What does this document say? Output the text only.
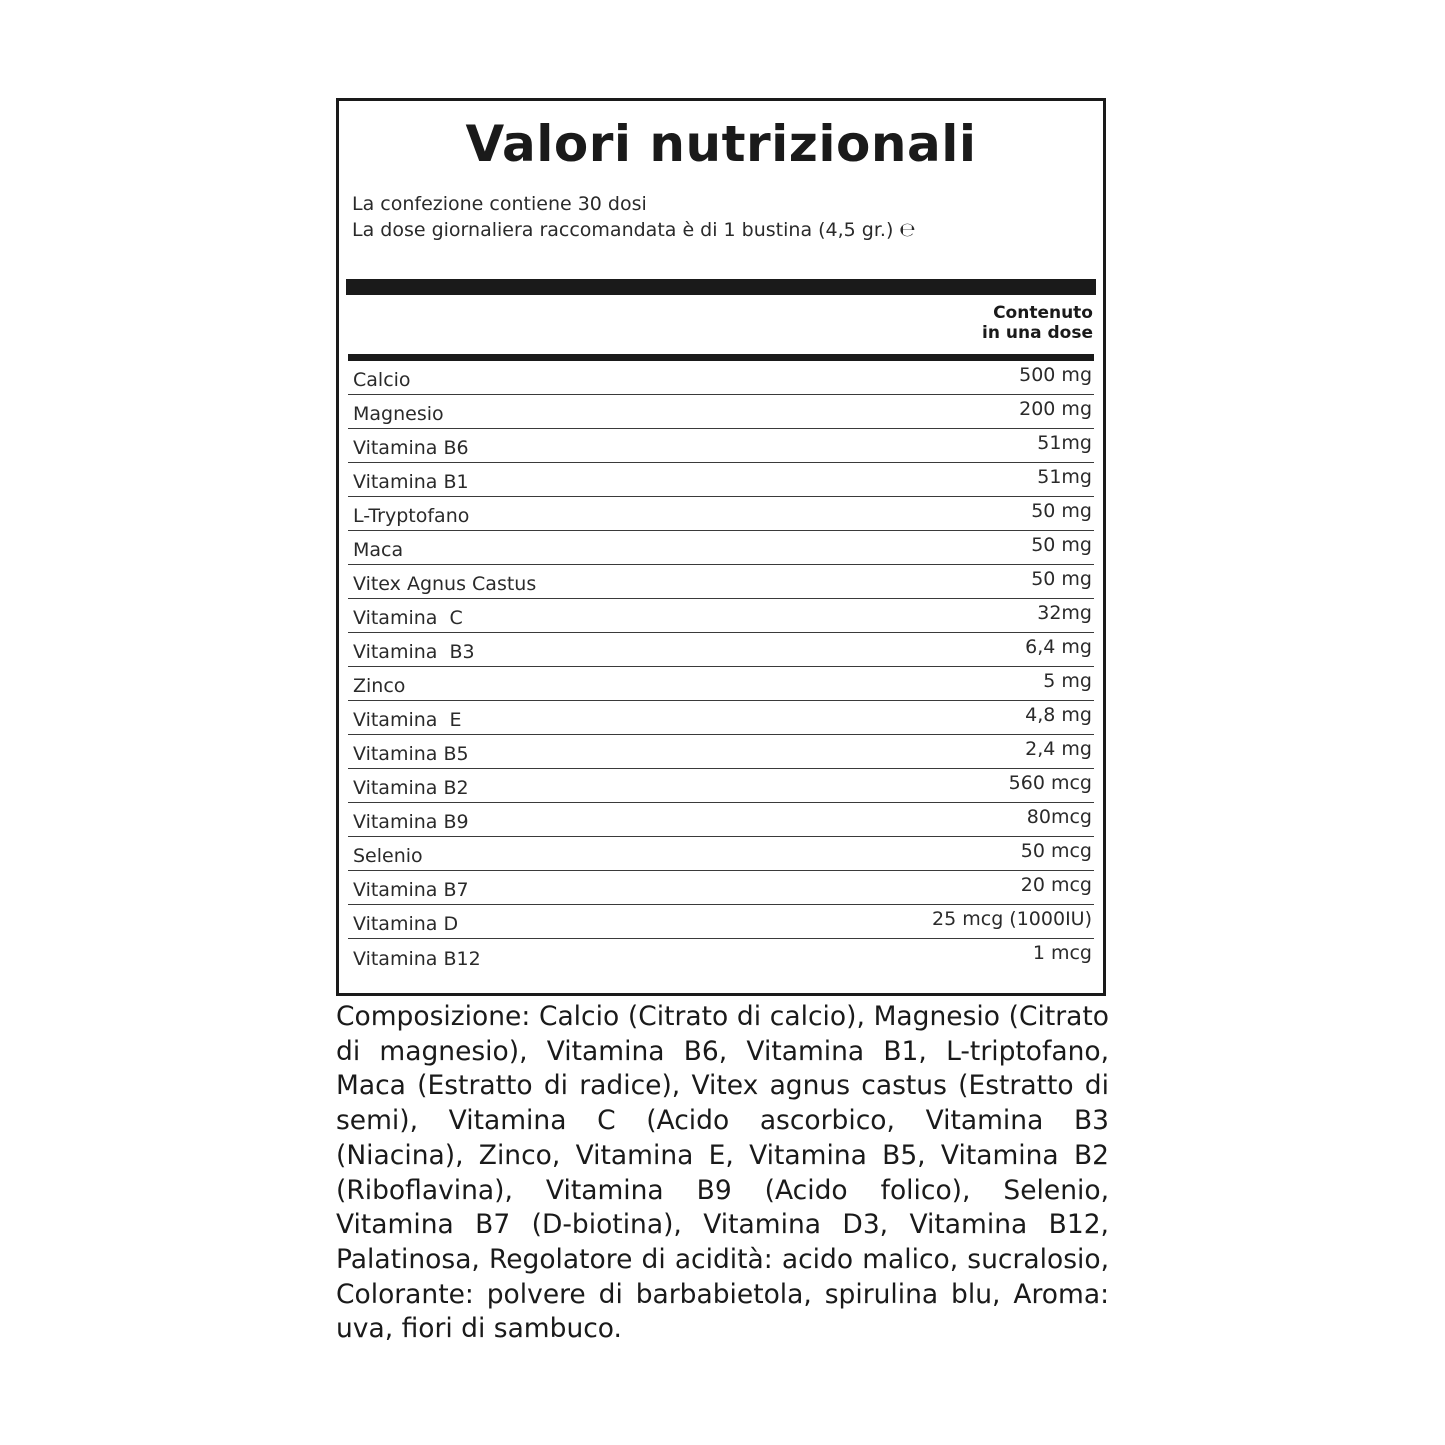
Valori nutrizionali
La confezione contiene 30 dosi
La dose giornaliera raccomandata è di 1 bustina (4,5 gr.) ℮
Contenuto
in una dose
Calcio	500 mg
Magnesio	200 mg
Vitamina B6	51mg
Vitamina B1	51mg
L-Tryptofano	50 mg
Maca	50 mg
Vitex Agnus Castus	50 mg
Vitamina  C	32mg
Vitamina  B3	6,4 mg
Zinco	5 mg
Vitamina  E	4,8 mg
Vitamina B5	2,4 mg
Vitamina B2	560 mcg
Vitamina B9	80mcg
Selenio	50 mcg
Vitamina B7	20 mcg
Vitamina D	25 mcg (1000IU)
Vitamina B12	1 mcg
Composizione: Calcio (Citrato di calcio), Magnesio (Citrato di magnesio), Vitamina B6, Vitamina B1, L-triptofano, Maca (Estratto di radice), Vitex agnus castus (Estratto di semi), Vitamina C (Acido ascorbico, Vitamina B3 (Niacina), Zinco, Vitamina E, Vitamina B5, Vitamina B2 (Riboflavina), Vitamina B9 (Acido folico), Selenio, Vitamina B7 (D-biotina), Vitamina D3, Vitamina B12, Palatinosa, Regolatore di acidità: acido malico, sucralosio, Colorante: polvere di barbabietola, spirulina blu, Aroma: uva, fiori di sambuco.
